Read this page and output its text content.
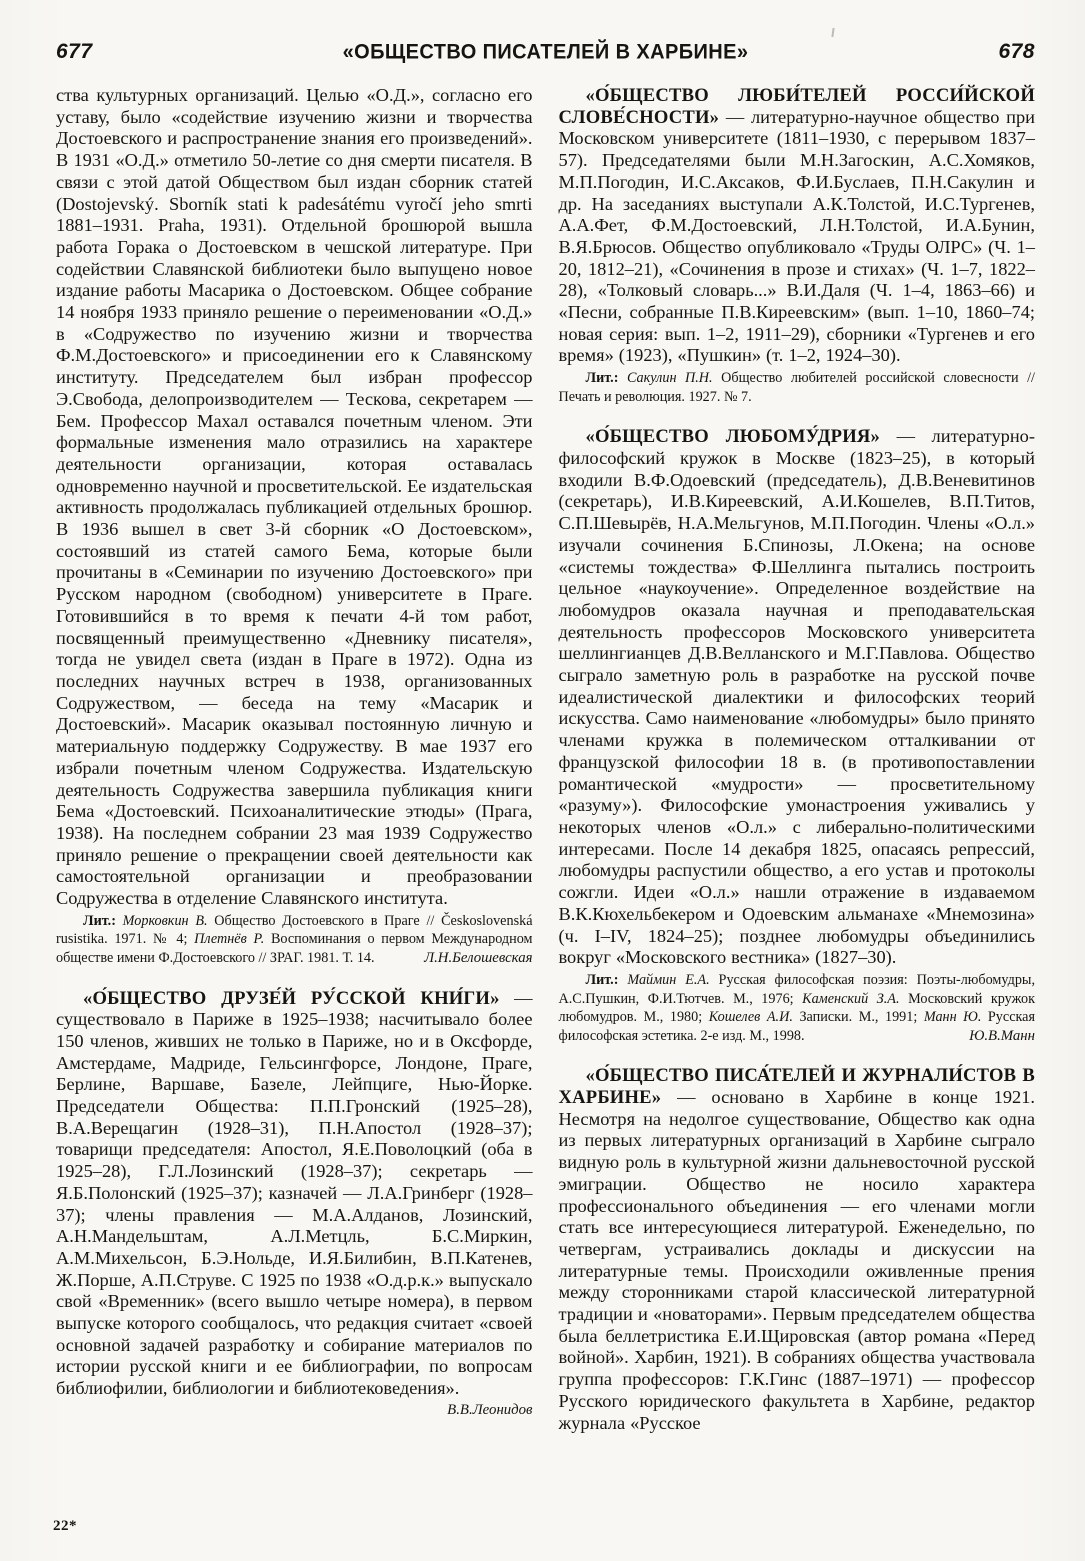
677	«ОБЩЕСТВО ПИСАТЕЛЕЙ В ХАРБИНЕ»	678

ства культурных организаций. Целью «О.Д.», согласно его уставу, было «содействие изучению жизни и творчества Достоевского и распространение знания его произведений». В 1931 «О.Д.» отметило 50-летие со дня смерти писателя. В связи с этой датой Обществом был издан сборник статей (Dostojevský. Sborník stati k padesátému vyročí jeho smrti 1881–1931. Praha, 1931). Отдельной брошюрой вышла работа Горака о Достоевском в чешской литературе. При содействии Славянской библиотеки было выпущено новое издание работы Масарика о Достоевском. Общее собрание 14 ноября 1933 приняло решение о переименовании «О.Д.» в «Содружество по изучению жизни и творчества Ф.М.Достоевского» и присоединении его к Славянскому институту. Председателем был избран профессор Э.Свобода, делопроизводителем — Тескова, секретарем — Бем. Профессор Махал оставался почетным членом. Эти формальные изменения мало отразились на характере деятельности организации, которая оставалась одновременно научной и просветительской. Ее издательская активность продолжалась публикацией отдельных брошюр. В 1936 вышел в свет 3-й сборник «О Достоевском», состоявший из статей самого Бема, которые были прочитаны в «Семинарии по изучению Достоевского» при Русском народном (свободном) университете в Праге. Готовившийся в то время к печати 4-й том работ, посвященный преимущественно «Дневнику писателя», тогда не увидел света (издан в Праге в 1972). Одна из последних научных встреч в 1938, организованных Содружеством, — беседа на тему «Масарик и Достоевский». Масарик оказывал постоянную личную и материальную поддержку Содружеству. В мае 1937 его избрали почетным членом Содружества. Издательскую деятельность Содружества завершила публикация книги Бема «Достоевский. Психоаналитические этюды» (Прага, 1938). На последнем собрании 23 мая 1939 Содружество приняло решение о прекращении своей деятельности как самостоятельной организации и преобразовании Содружества в отделение Славянского института.

Лит.: Морковкин В. Общество Достоевского в Праге // Československá rusistika. 1971. № 4; Плетнёв Р. Воспоминания о первом Международном обществе имени Ф.Достоевского // ЗРАГ. 1981. Т. 14.	Л.Н.Белошевская

«О́БЩЕСТВО ДРУЗЕ́Й РУ́ССКОЙ КНИ́ГИ» — существовало в Париже в 1925–1938; насчитывало более 150 членов, живших не только в Париже, но и в Оксфорде, Амстердаме, Мадриде, Гельсингфорсе, Лондоне, Праге, Берлине, Варшаве, Базеле, Лейпциге, Нью-Йорке. Председатели Общества: П.П.Гронский (1925–28), В.А.Верещагин (1928–31), П.Н.Апостол (1928–37); товарищи председателя: Апостол, Я.Е.Поволоцкий (оба в 1925–28), Г.Л.Лозинский (1928–37); секретарь — Я.Б.Полонский (1925–37); казначей — Л.А.Гринберг (1928–37); члены правления — М.А.Алданов, Лозинский, А.Н.Мандельштам, А.Л.Метцль, Б.С.Миркин, А.М.Михельсон, Б.Э.Нольде, И.Я.Билибин, В.П.Катенев, Ж.Порше, А.П.Струве. С 1925 по 1938 «О.д.р.к.» выпускало свой «Временник» (всего вышло четыре номера), в первом выпуске которого сообщалось, что редакция считает «своей основной задачей разработку и собирание материалов по истории русской книги и ее библиографии, по вопросам библиофилии, библиологии и библиотековедения».
В.В.Леонидов

«О́БЩЕСТВО ЛЮБИ́ТЕЛЕЙ РОССИ́ЙСКОЙ СЛОВЕ́СНОСТИ» — литературно-научное общество при Московском университете (1811–1930, с перерывом 1837–57). Председателями были М.Н.Загоскин, А.С.Хомяков, М.П.Погодин, И.С.Аксаков, Ф.И.Буслаев, П.Н.Сакулин и др. На заседаниях выступали А.К.Толстой, И.С.Тургенев, А.А.Фет, Ф.М.Достоевский, Л.Н.Толстой, И.А.Бунин, В.Я.Брюсов. Общество опубликовало «Труды ОЛРС» (Ч. 1–20, 1812–21), «Сочинения в прозе и стихах» (Ч. 1–7, 1822–28), «Толковый словарь...» В.И.Даля (Ч. 1–4, 1863–66) и «Песни, собранные П.В.Киреевским» (вып. 1–10, 1860–74; новая серия: вып. 1–2, 1911–29), сборники «Тургенев и его время» (1923), «Пушкин» (т. 1–2, 1924–30).

Лит.: Сакулин П.Н. Общество любителей российской словесности // Печать и революция. 1927. № 7.

«О́БЩЕСТВО ЛЮБОМУ́ДРИЯ» — литературно-философский кружок в Москве (1823–25), в который входили В.Ф.Одоевский (председатель), Д.В.Веневитинов (секретарь), И.В.Киреевский, А.И.Кошелев, В.П.Титов, С.П.Шевырёв, Н.А.Мельгунов, М.П.Погодин. Члены «О.л.» изучали сочинения Б.Спинозы, Л.Окена; на основе «системы тождества» Ф.Шеллинга пытались построить цельное «наукоучение». Определенное воздействие на любомудров оказала научная и преподавательская деятельность профессоров Московского университета шеллингианцев Д.В.Велланского и М.Г.Павлова. Общество сыграло заметную роль в разработке на русской почве идеалистической диалектики и философских теорий искусства. Само наименование «любомудры» было принято членами кружка в полемическом отталкивании от французской философии 18 в. (в противопоставлении романтической «мудрости» — просветительному «разуму»). Философские умонастроения уживались у некоторых членов «О.л.» с либерально-политическими интересами. После 14 декабря 1825, опасаясь репрессий, любомудры распустили общество, а его устав и протоколы сожгли. Идеи «О.л.» нашли отражение в издаваемом В.К.Кюхельбекером и Одоевским альманахе «Мнемозина» (ч. I–IV, 1824–25); позднее любомудры объединились вокруг «Московского вестника» (1827–30).

Лит.: Маймин Е.А. Русская философская поэзия: Поэты-любомудры, А.С.Пушкин, Ф.И.Тютчев. М., 1976; Каменский З.А. Московский кружок любомудров. М., 1980; Кошелев А.И. Записки. М., 1991; Манн Ю. Русская философская эстетика. 2-е изд. М., 1998.	Ю.В.Манн

«О́БЩЕСТВО ПИСА́ТЕЛЕЙ И ЖУРНАЛИ́СТОВ В ХАРБИНЕ» — основано в Харбине в конце 1921. Несмотря на недолгое существование, Общество как одна из первых литературных организаций в Харбине сыграло видную роль в культурной жизни дальневосточной русской эмиграции. Общество не носило характера профессионального объединения — его членами могли стать все интересующиеся литературой. Еженедельно, по четвергам, устраивались доклады и дискуссии на литературные темы. Происходили оживленные прения между сторонниками старой классической литературной традиции и «новаторами». Первым председателем общества была беллетристика Е.И.Щировская (автор романа «Перед войной». Харбин, 1921). В собраниях общества участвовала группа профессоров: Г.К.Гинс (1887–1971) — профессор Русского юридического факультета в Харбине, редактор журнала «Русское

22*
